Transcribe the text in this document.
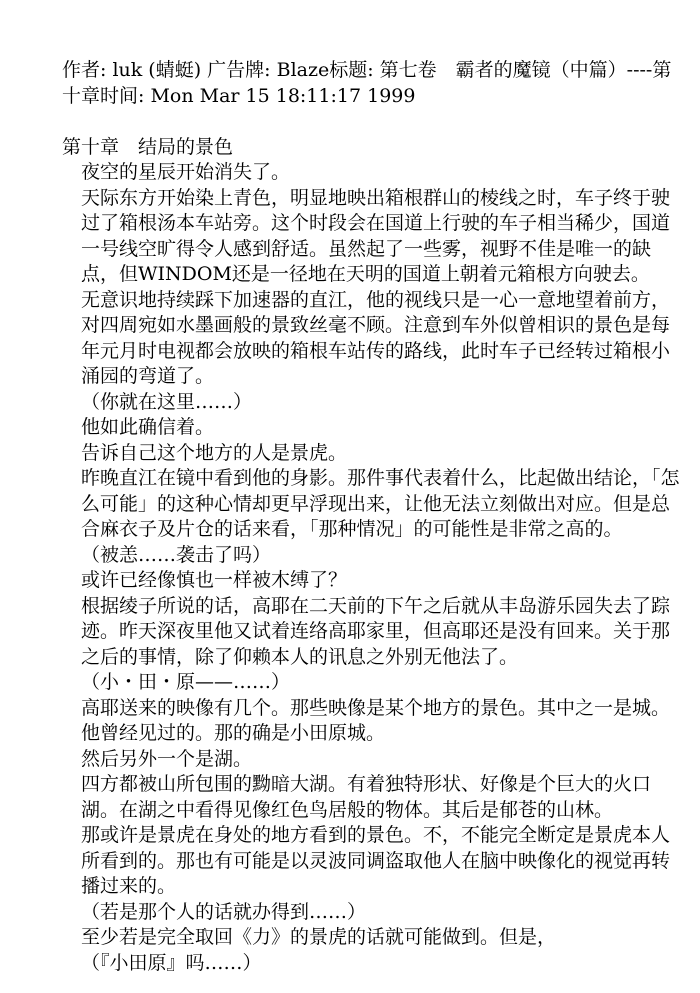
作者: luk (蜻蜓) 广告牌: Blaze标题: 第七卷　霸者的魔镜（中篇）----第十章时间: Mon Mar 15 18:11:17 1999

第十章　结局的景色

夜空的星辰开始消失了。

天际东方开始染上青色，明显地映出箱根群山的棱线之时，车子终于驶过了箱根汤本车站旁。这个时段会在国道上行驶的车子相当稀少，国道一号线空旷得令人感到舒适。虽然起了一些雾，视野不佳是唯一的缺点，但WINDOM还是一径地在天明的国道上朝着元箱根方向驶去。

无意识地持续踩下加速器的直江，他的视线只是一心一意地望着前方，对四周宛如水墨画般的景致丝毫不顾。注意到车外似曾相识的景色是每年元月时电视都会放映的箱根车站传的路线，此时车子已经转过箱根小涌园的弯道了。

（你就在这里……）

他如此确信着。

告诉自己这个地方的人是景虎。

昨晚直江在镜中看到他的身影。那件事代表着什么，比起做出结论，「怎么可能」的这种心情却更早浮现出来，让他无法立刻做出对应。但是总合麻衣子及片仓的话来看，「那种情况」的可能性是非常之高的。

（被恙……袭击了吗）

或许已经像慎也一样被木缚了？

根据绫子所说的话，高耶在二天前的下午之后就从丰岛游乐园失去了踪迹。昨天深夜里他又试着连络高耶家里，但高耶还是没有回来。关于那之后的事情，除了仰赖本人的讯息之外别无他法了。

（小・田・原——……）

高耶送来的映像有几个。那些映像是某个地方的景色。其中之一是城。他曾经见过的。那的确是小田原城。

然后另外一个是湖。

四方都被山所包围的黝暗大湖。有着独特形状、好像是个巨大的火口湖。在湖之中看得见像红色鸟居般的物体。其后是郁苍的山林。

那或许是景虎在身处的地方看到的景色。不，不能完全断定是景虎本人所看到的。那也有可能是以灵波同调盗取他人在脑中映像化的视觉再转播过来的。

（若是那个人的话就办得到……）

至少若是完全取回《力》的景虎的话就可能做到。但是，

（『小田原』吗……）
